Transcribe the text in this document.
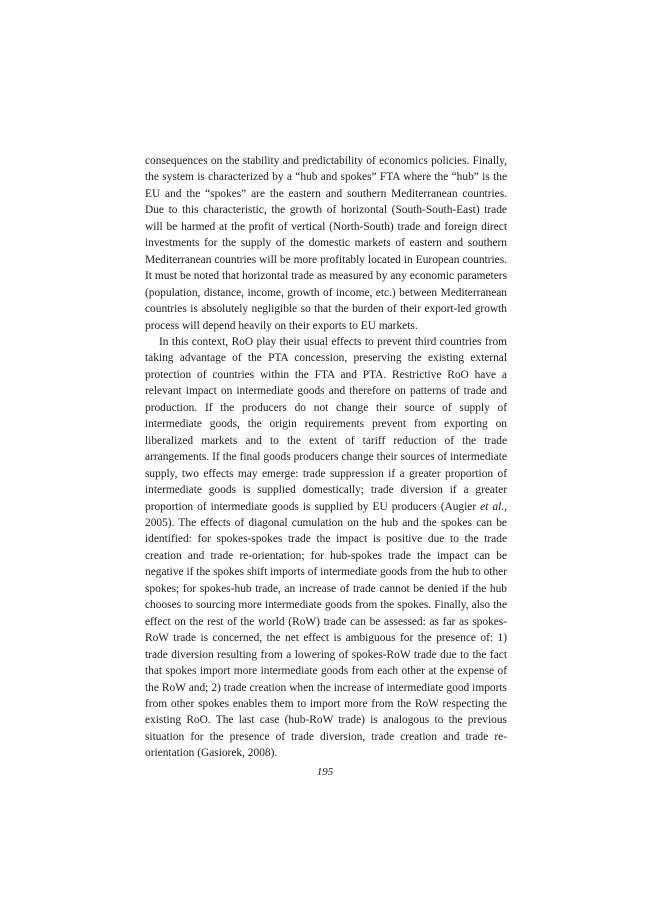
consequences on the stability and predictability of economics policies. Finally, the system is characterized by a “hub and spokes” FTA where the “hub” is the EU and the “spokes” are the eastern and southern Mediterranean countries. Due to this characteristic, the growth of horizontal (South-South-East) trade will be harmed at the profit of vertical (North-South) trade and foreign direct investments for the supply of the domestic markets of eastern and southern Mediterranean countries will be more profitably located in European countries. It must be noted that horizontal trade as measured by any economic parameters (population, distance, income, growth of income, etc.) between Mediterranean countries is absolutely negligible so that the burden of their export-led growth process will depend heavily on their exports to EU markets.

In this context, RoO play their usual effects to prevent third countries from taking advantage of the PTA concession, preserving the existing external protection of countries within the FTA and PTA. Restrictive RoO have a relevant impact on intermediate goods and therefore on patterns of trade and production. If the producers do not change their source of supply of intermediate goods, the origin requirements prevent from exporting on liberalized markets and to the extent of tariff reduction of the trade arrangements. If the final goods producers change their sources of intermediate supply, two effects may emerge: trade suppression if a greater proportion of intermediate goods is supplied domestically; trade diversion if a greater proportion of intermediate goods is supplied by EU producers (Augier et al., 2005). The effects of diagonal cumulation on the hub and the spokes can be identified: for spokes-spokes trade the impact is positive due to the trade creation and trade re-orientation; for hub-spokes trade the impact can be negative if the spokes shift imports of intermediate goods from the hub to other spokes; for spokes-hub trade, an increase of trade cannot be denied if the hub chooses to sourcing more intermediate goods from the spokes. Finally, also the effect on the rest of the world (RoW) trade can be assessed: as far as spokes-RoW trade is concerned, the net effect is ambiguous for the presence of: 1) trade diversion resulting from a lowering of spokes-RoW trade due to the fact that spokes import more intermediate goods from each other at the expense of the RoW and; 2) trade creation when the increase of intermediate good imports from other spokes enables them to import more from the RoW respecting the existing RoO. The last case (hub-RoW trade) is analogous to the previous situation for the presence of trade diversion, trade creation and trade re-orientation (Gasiorek, 2008).

195
